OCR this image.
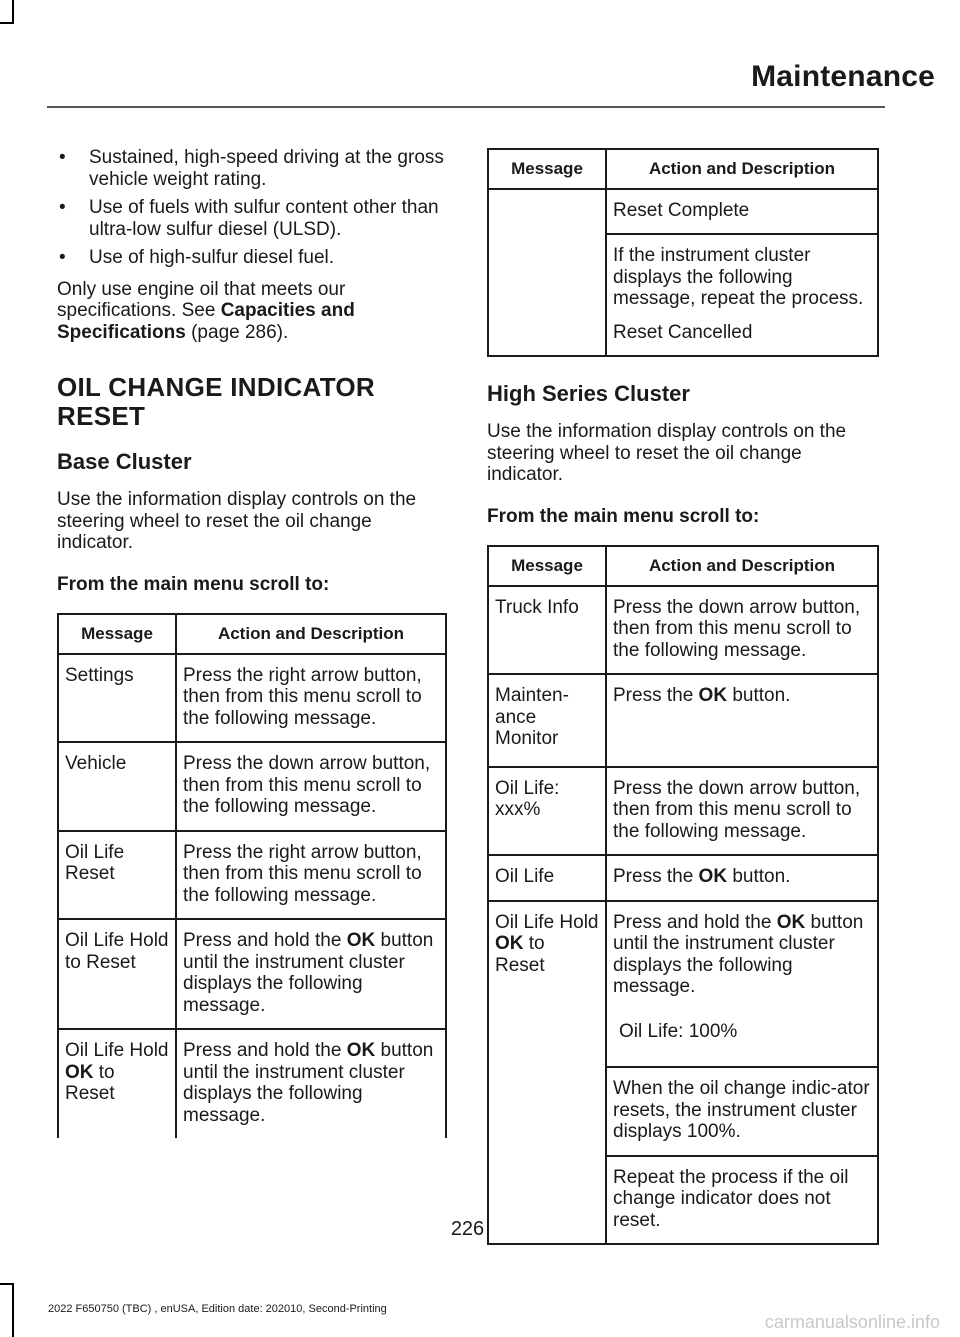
Maintenance
• Sustained, high-speed driving at the gross vehicle weight rating.
• Use of fuels with sulfur content other than ultra-low sulfur diesel (ULSD).
• Use of high-sulfur diesel fuel.

Only use engine oil that meets our specifications. See Capacities and Specifications (page 286).

OIL CHANGE INDICATOR
RESET
Base Cluster

Use the information display controls on the steering wheel to reset the oil change indicator.

From the main menu scroll to:

Message	Action and Description
Settings	Press the right arrow button, then from this menu scroll to the following message.
Vehicle	Press the down arrow button, then from this menu scroll to the following message.
Oil Life Reset	Press the right arrow button, then from this menu scroll to the following message.
Oil Life Hold to Reset	Press and hold the OK button until the instrument cluster displays the following message.
Oil Life Hold OK to Reset	Press and hold the OK button until the instrument cluster displays the following message.
Message	Action and Description

	Reset Complete
If the instrument cluster displays the following message, repeat the process.
Reset Cancelled
High Series Cluster

Use the information display controls on the steering wheel to reset the oil change indicator.

From the main menu scroll to:

Message	Action and Description
Truck Info	Press the down arrow button, then from this menu scroll to the following message.
Mainten-ance Monitor	Press the OK button.
Oil Life: xxx%	Press the down arrow button, then from this menu scroll to the following message.
Oil Life	Press the OK button.
Oil Life Hold OK to Reset	Press and hold the OK button until the instrument cluster displays the following message.
Oil Life: 100%
When the oil change indic-ator resets, the instrument cluster displays 100%.
Repeat the process if the oil change indicator does not reset.
226
2022 F650750 (TBC) , enUSA, Edition date: 202010, Second-Printing
carmanualsonline.info
